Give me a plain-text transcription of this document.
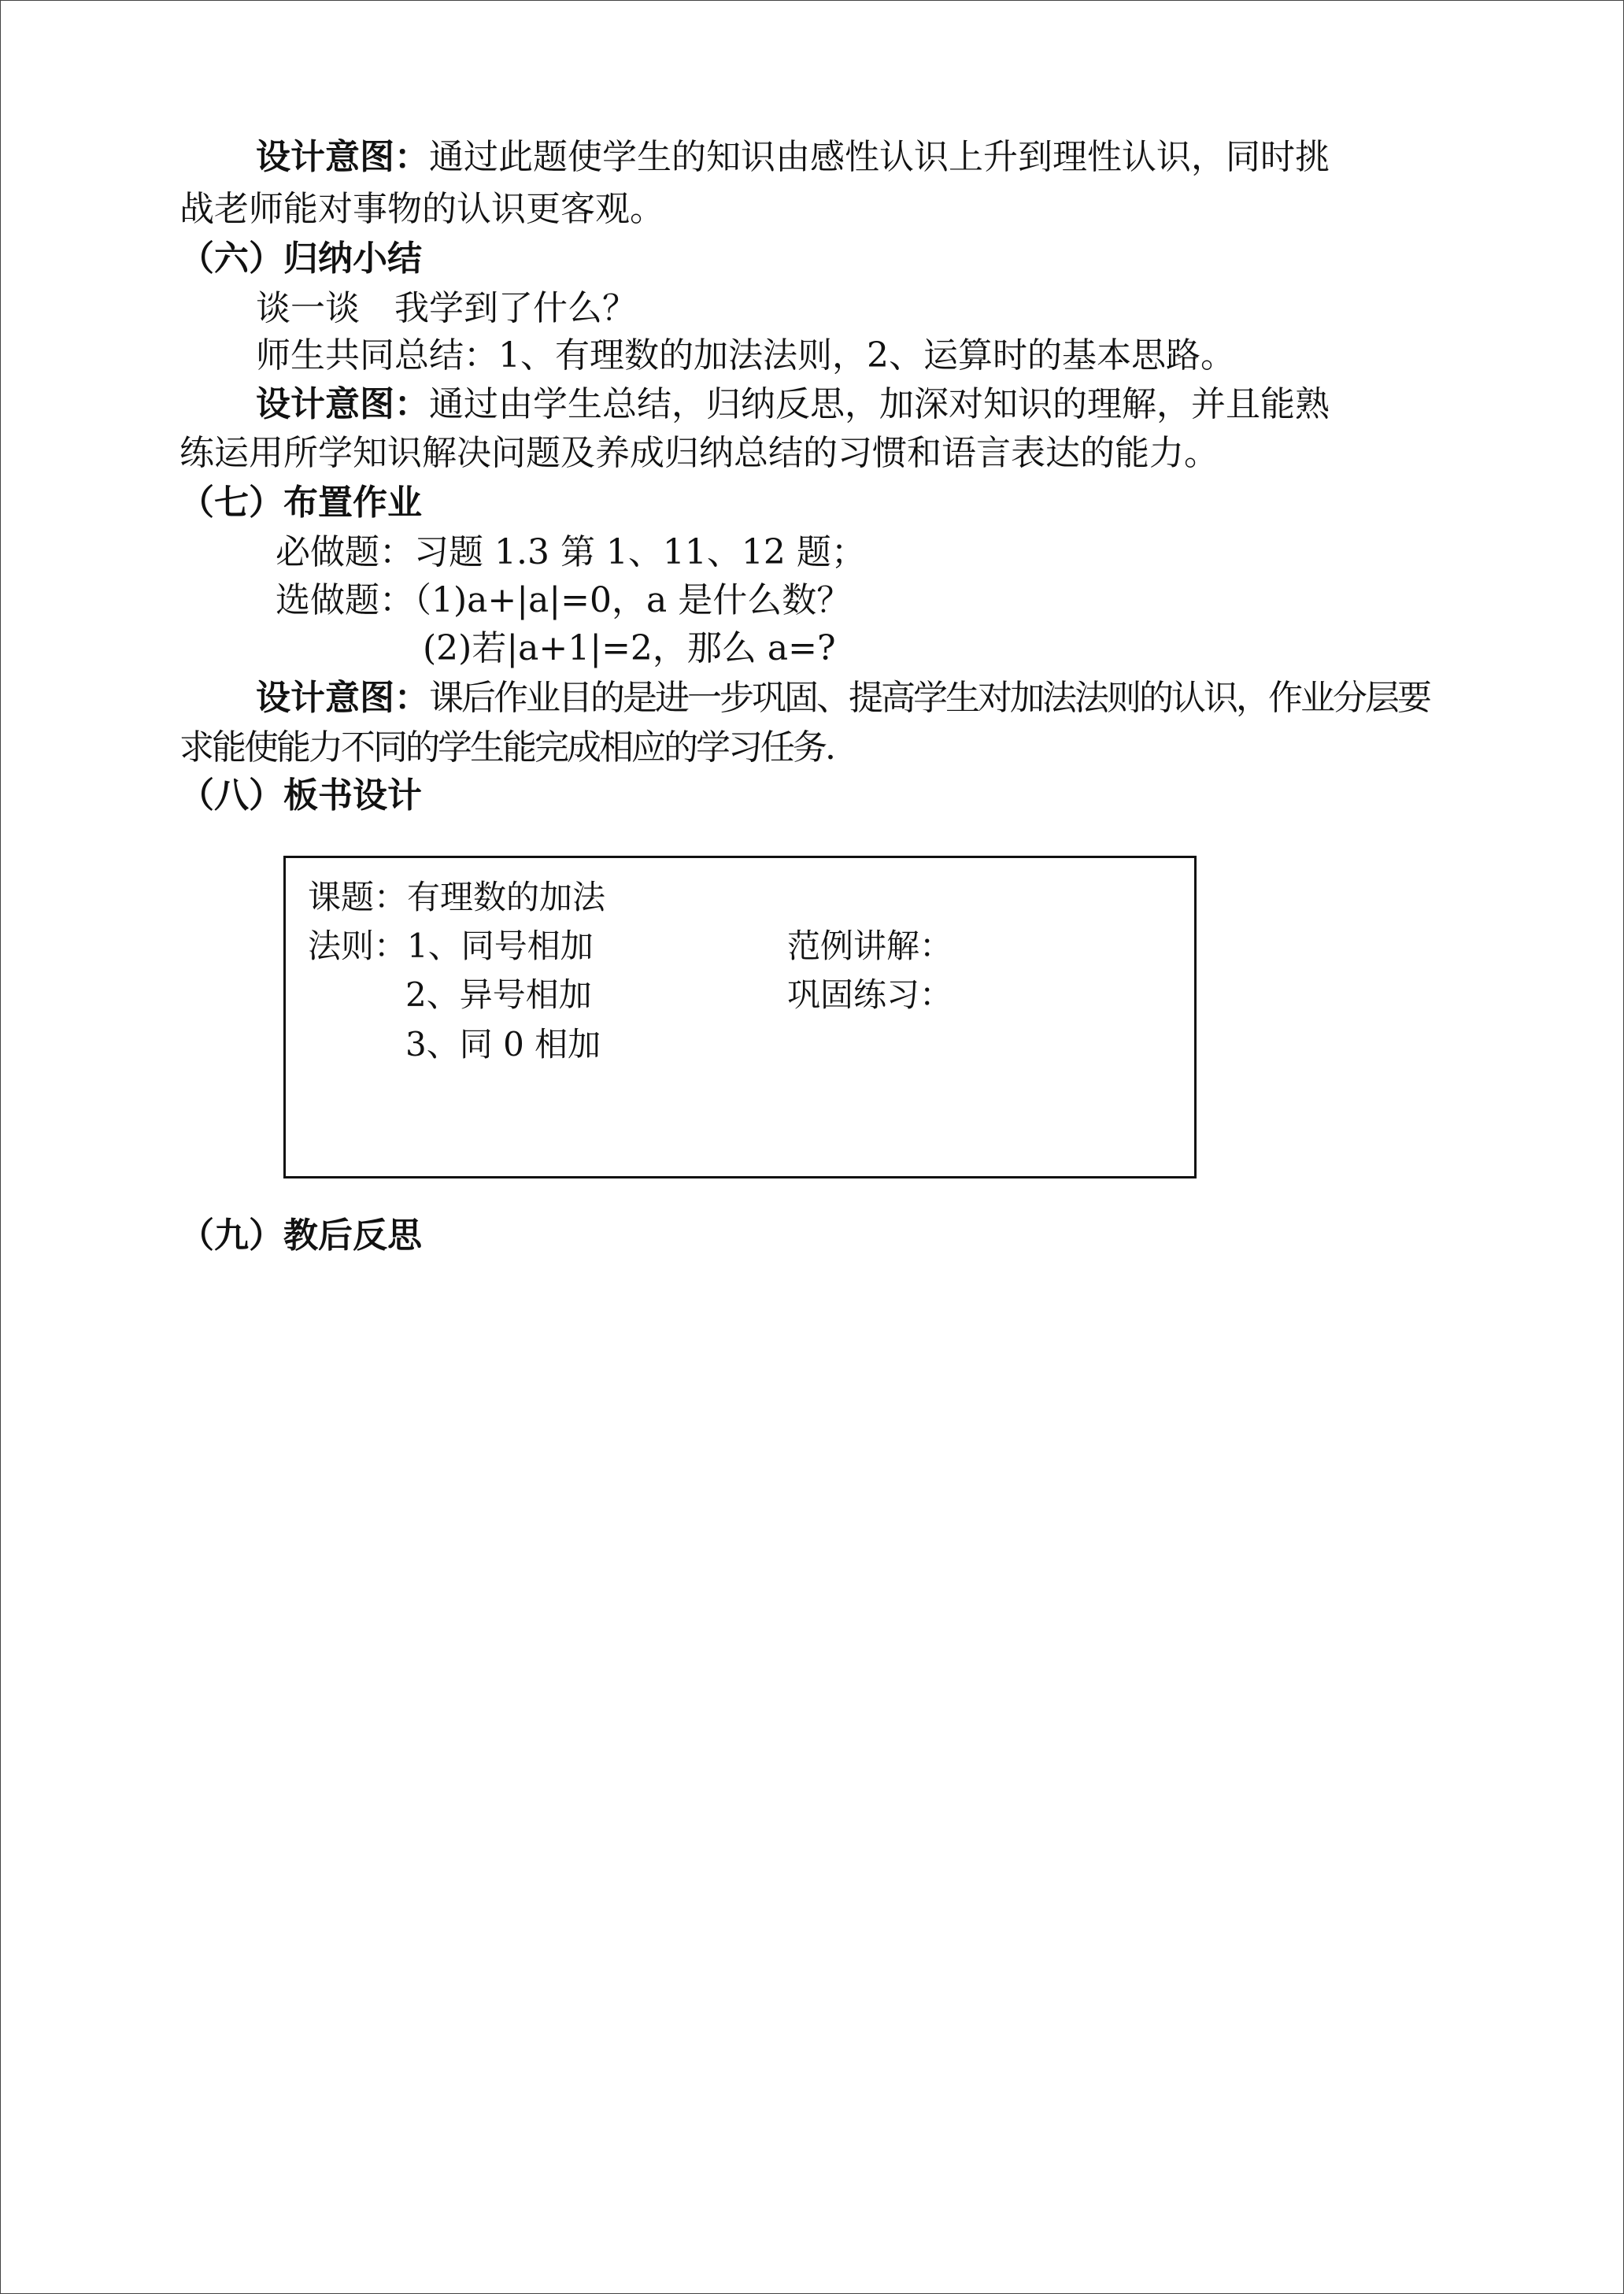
设计意图：通过此题使学生的知识由感性认识上升到理性认识，同时挑
战老师能对事物的认识更客观。
（六）归纳小结
谈一谈　我学到了什么？
师生共同总结：1、有理数的加法法则，2、运算时的基本思路。
设计意图：通过由学生总结，归纳反思，加深对知识的理解，并且能熟
练运用所学知识解决问题及养成归纳总结的习惯和语言表达的能力。
（七）布置作业
必做题：习题 1.3 第 1、11、12 题；
选做题：（1)a+|a|=0，a 是什么数？
(2)若|a+1|=2，那么 a=?
设计意图：课后作业目的是进一步巩固、提高学生对加法法则的认识，作业分层要
求能使能力不同的学生能完成相应的学习任务.
（八）板书设计
课题：有理数的加法
法则：1、同号相加
2、异号相加
3、同 0 相加
范例讲解：
巩固练习：
（九）教后反思
